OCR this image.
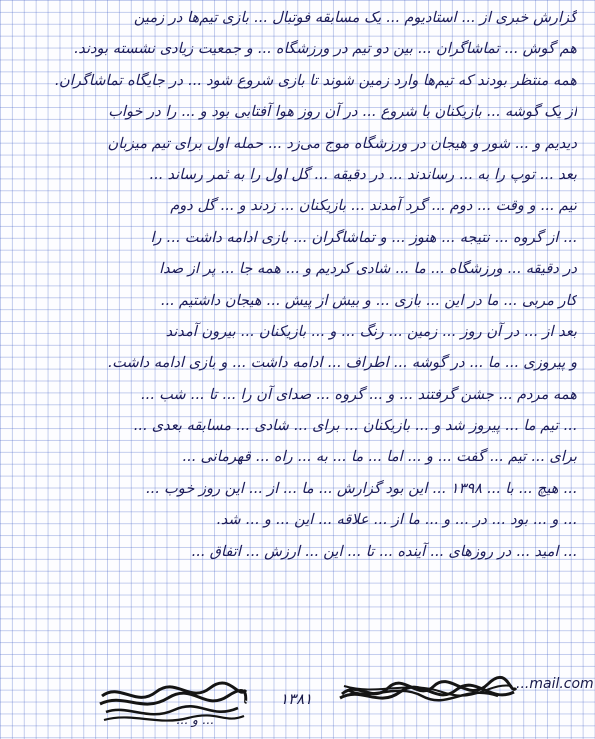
گزارش خبری از ... استادیوم ... یک مسابقه فوتبال ... بازی تیم‌ها در زمین
هم گوش ... تماشاگران ... بین دو تیم در ورزشگاه ... و جمعیت زیادی نشسته بودند.
همه منتظر بودند که تیم‌ها وارد زمین شوند تا بازی شروع شود ... در جایگاه تماشاگران.
از یک گوشه ... بازیکنان با شروع ... در آن روز هوا آفتابی بود و ... را در خواب
دیدیم و ... شور و هیجان در ورزشگاه موج می‌زد ... حمله اول برای تیم میزبان
بعد ... توپ را به ... رساندند ... در دقیقه ... گل اول را به ثمر رساند ...
تیم ... و وقت ... دوم ... گرد آمدند ... بازیکنان ... زدند و ... گل دوم
... از گروه ... نتیجه ... هنوز ... و تماشاگران ... بازی ادامه داشت ... را
در دقیقه ... ورزشگاه ... ما ... شادی کردیم و ... همه جا ... پر از صدا
کار مربی ... ما در این ... بازی ... و بیش از پیش ... هیجان داشتیم ...
بعد از ... در آن روز ... زمین ... رنگ ... و ... بازیکنان ... بیرون آمدند
و پیروزی ... ما ... در گوشه ... اطراف ... ادامه داشت ... و بازی ادامه داشت.
همه مردم ... جشن گرفتند ... و ... گروه ... صدای آن را ... تا ... شب ...
... تیم ما ... پیروز شد و ... بازیکنان ... برای ... شادی ... مسابقه بعدی ...
برای ... تیم ... گفت ... و ... اما ... ما ... به ... راه ... قهرمانی ...
... هیچ ... با ... ۱۳۹۸ ... این بود گزارش ... ما ... از ... این روز خوب ...
... و ... بود ... در ... و ... ما از ... علاقه ... این ... و ... شد.
... امید ... در روزهای ... آینده ... تا ... این ... ارزش ... اتفاق ...
...mail.com
۱۳۸۱
... و ...
